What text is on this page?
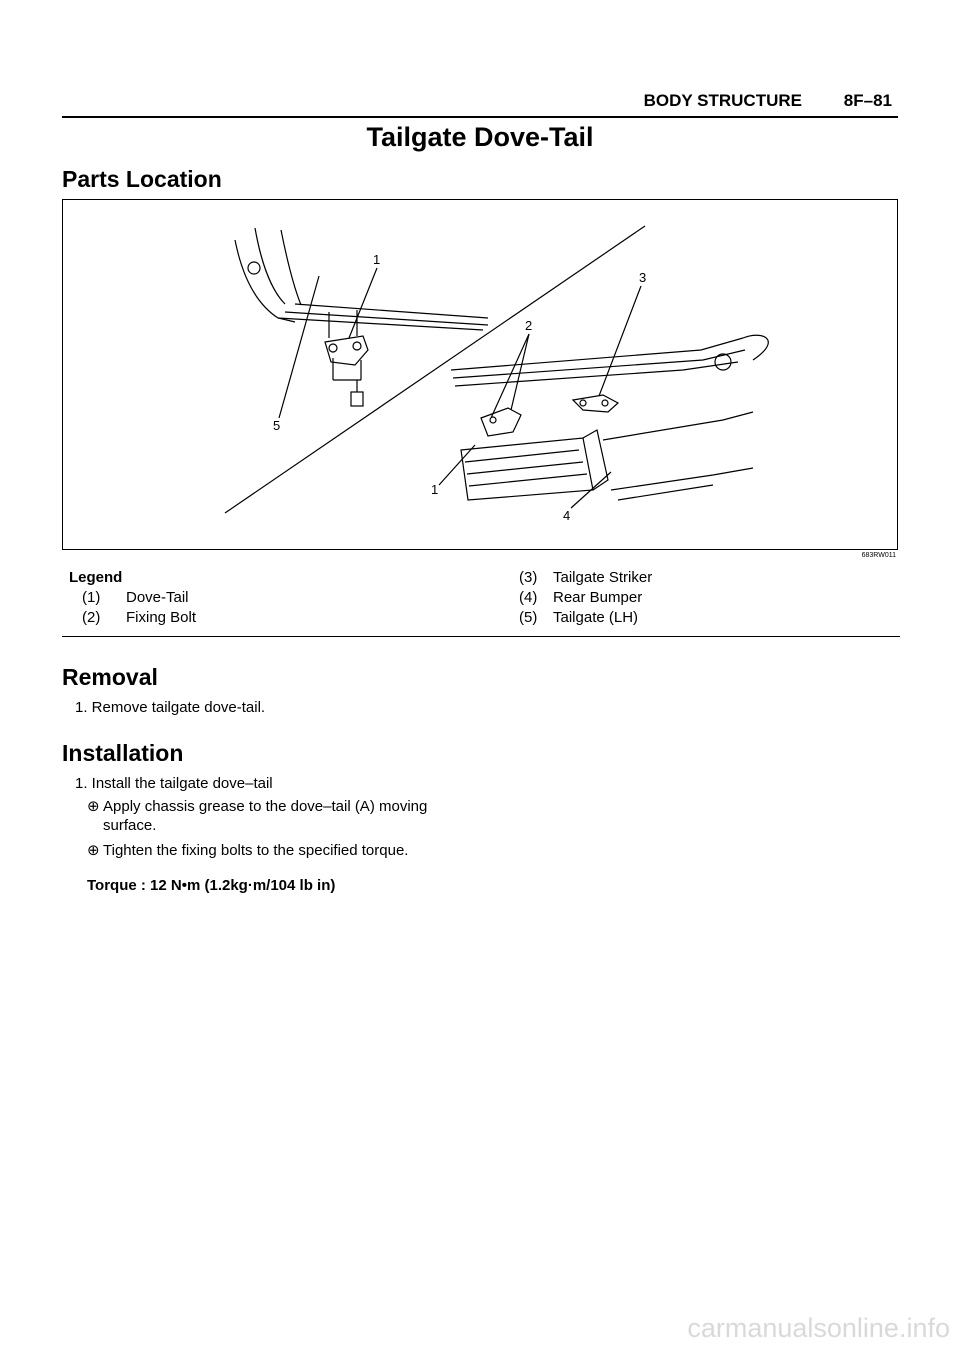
BODY STRUCTURE 8F–81
Tailgate Dove-Tail
Parts Location
1
2
3
4
5
1
683RW011
Legend
(1) Dove-Tail
(2) Fixing Bolt
(3) Tailgate Striker
(4) Rear Bumper
(5) Tailgate (LH)
Removal
1. Remove tailgate dove-tail.
Installation
1. Install the tailgate dove–tail
⊕ Apply chassis grease to the dove–tail (A) moving surface.
⊕ Tighten the fixing bolts to the specified torque.
Torque : 12 N•m (1.2kg·m/104 lb in)
carmanualsonline.info
